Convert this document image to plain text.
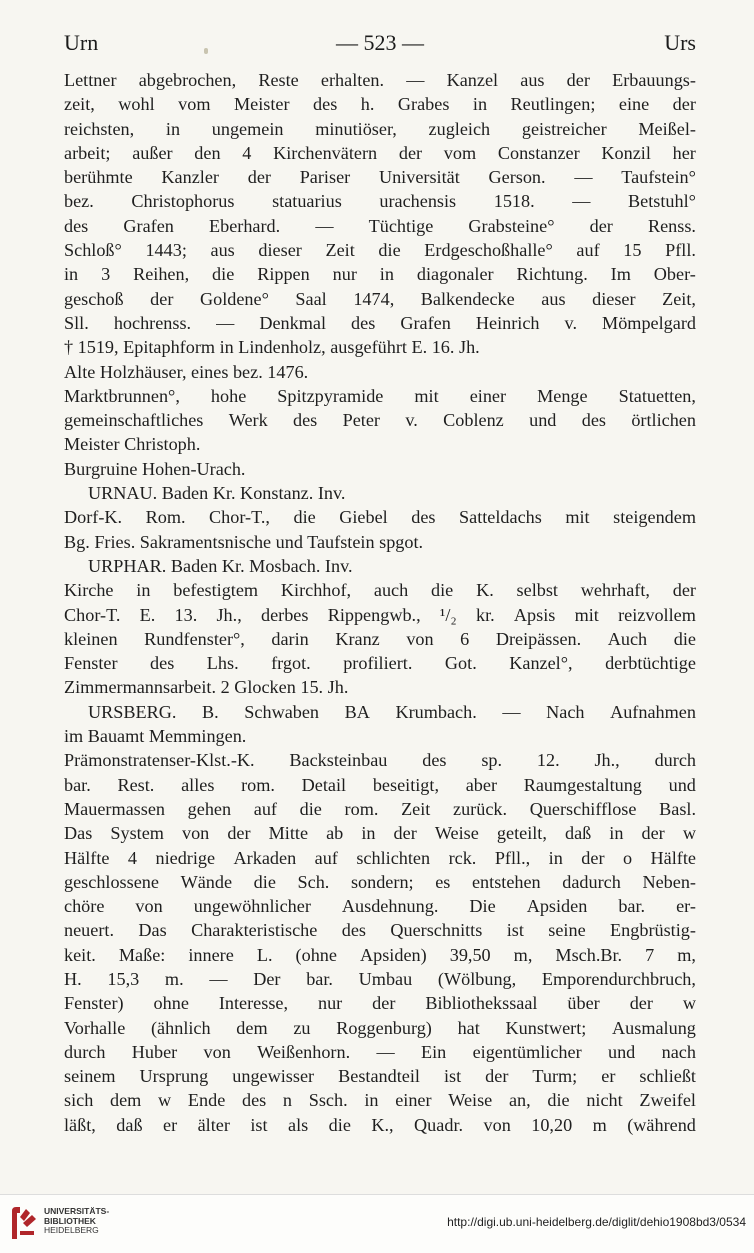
Urn	— 523 —	Urs
Lettner abgebrochen, Reste erhalten. — Kanzel aus der Erbauungs-
zeit, wohl vom Meister des h. Grabes in Reutlingen; eine der
reichsten, in ungemein minutiöser, zugleich geistreicher Meißel-
arbeit; außer den 4 Kirchenvätern der vom Constanzer Konzil her
berühmte Kanzler der Pariser Universität Gerson. — Taufstein°
bez. Christophorus statuarius urachensis 1518. — Betstuhl°
des Grafen Eberhard. — Tüchtige Grabsteine° der Renss.
Schloß° 1443; aus dieser Zeit die Erdgeschoßhalle° auf 15 Pfll.
in 3 Reihen, die Rippen nur in diagonaler Richtung. Im Ober-
geschoß der Goldene° Saal 1474, Balkendecke aus dieser Zeit,
Sll. hochrenss. — Denkmal des Grafen Heinrich v. Mömpelgard
† 1519, Epitaphform in Lindenholz, ausgeführt E. 16. Jh.
Alte Holzhäuser, eines bez. 1476.
Marktbrunnen°, hohe Spitzpyramide mit einer Menge Statuetten,
gemeinschaftliches Werk des Peter v. Coblenz und des örtlichen
Meister Christoph.
Burgruine Hohen-Urach.
URNAU. Baden Kr. Konstanz. Inv.
Dorf-K. Rom. Chor-T., die Giebel des Satteldachs mit steigendem
Bg. Fries. Sakramentsnische und Taufstein spgot.
URPHAR. Baden Kr. Mosbach. Inv.
Kirche in befestigtem Kirchhof, auch die K. selbst wehrhaft, der
Chor-T. E. 13. Jh., derbes Rippengwb., ¹/₂ kr. Apsis mit reizvollem
kleinen Rundfenster°, darin Kranz von 6 Dreipässen. Auch die
Fenster des Lhs. frgot. profiliert. Got. Kanzel°, derbtüchtige
Zimmermannsarbeit. 2 Glocken 15. Jh.
URSBERG. B. Schwaben BA Krumbach. — Nach Aufnahmen
im Bauamt Memmingen.
Prämonstratenser-Klst.-K. Backsteinbau des sp. 12. Jh., durch
bar. Rest. alles rom. Detail beseitigt, aber Raumgestaltung und
Mauermassen gehen auf die rom. Zeit zurück. Querschifflose Basl.
Das System von der Mitte ab in der Weise geteilt, daß in der w
Hälfte 4 niedrige Arkaden auf schlichten rck. Pfll., in der o Hälfte
geschlossene Wände die Sch. sondern; es entstehen dadurch Neben-
chöre von ungewöhnlicher Ausdehnung. Die Apsiden bar. er-
neuert. Das Charakteristische des Querschnitts ist seine Engbrüstig-
keit. Maße: innere L. (ohne Apsiden) 39,50 m, Msch.Br. 7 m,
H. 15,3 m. — Der bar. Umbau (Wölbung, Emporendurchbruch,
Fenster) ohne Interesse, nur der Bibliothekssaal über der w
Vorhalle (ähnlich dem zu Roggenburg) hat Kunstwert; Ausmalung
durch Huber von Weißenhorn. — Ein eigentümlicher und nach
seinem Ursprung ungewisser Bestandteil ist der Turm; er schließt
sich dem w Ende des n Ssch. in einer Weise an, die nicht Zweifel
läßt, daß er älter ist als die K., Quadr. von 10,20 m (während
UNIVERSITÄTS-
BIBLIOTHEK
HEIDELBERG
http://digi.ub.uni-heidelberg.de/diglit/dehio1908bd3/0534
